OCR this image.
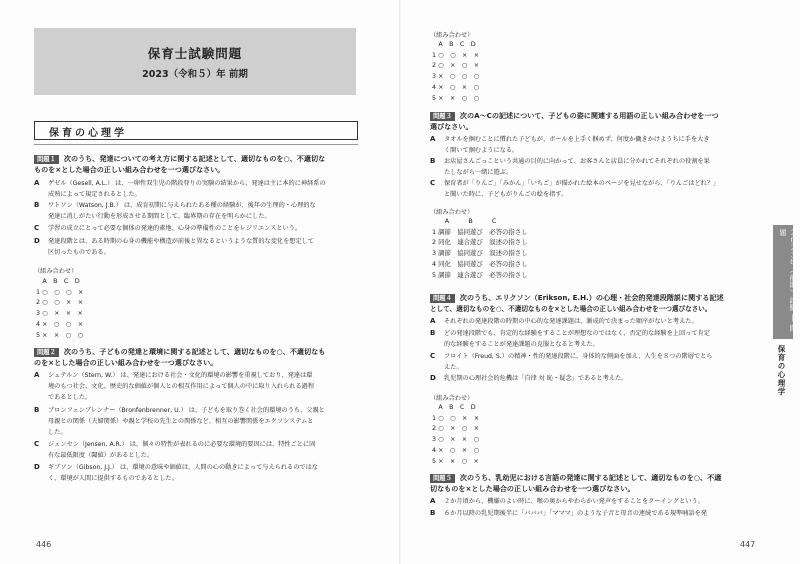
保育士試験問題
2023（令和５）年 前期
保育の心理学
問題１ 次のうち、発達についての考え方に関する記述として、適切なものを○、不適切な
ものを×とした場合の正しい組み合わせを一つ選びなさい。
A ゲゼル（Gesell, A.L.） は、一卵性双生児の階段登りの実験の結果から、発達は主に本的に神経系の
成熟によって規定されるとした。
B ワトソン（Watson, J.B.） は、成育初期に与えられたある種の経験が、後年の生理的・心理的な
発達に消しがたい行動を形成させる期間として、臨界期の存在を明らかにした。
C 学習の成立にとって必要な個体の発達的素地、心身の準備性のことをレジリエンスという。
D 発達段階とは、ある時期の心身の機能や構造が前後と異なるというような質的な変化を想定して
区切ったものである。
（組み合わせ）
　A　B　C　D
1 ○　○　○　×
2 ○　○　×　×
3 ○　×　×　×
4 ×　○　○　×
5 ×　×　○　○
問題２ 次のうち、子どもの発達と環境に関する記述として、適切なものを○、不適切なも
のを×とした場合の正しい組み合わせを一つ選びなさい。
A シュテルン（Stern, W.） は、発達における社会・文化的環境の影響を重視しており、発達は環
境のもつ社会、文化、歴史的な価値が個人との相互作用によって個人の中に取り入れられる過程
であるとした。
B ブロンフェンブレンナー（Bronfenbrenner, U.） は、子どもを取り巻く社会的環境のうち、父親と
母親との関係（夫婦関係）や親と学校の先生との関係など、相互の影響関係をエクソシステムと
した。
C ジェンセン（Jensen, A.R.） は、個々の特性が表れるのに必要な環境的要因には、特性ごとに固
有な最低限度（閾値）があるとした。
D ギブソン（Gibson, J.J.） は、環境の意味や価値は、人間の心の動きによって与えられるのではな
く、環境が人間に提供するものであるとした。
446
（組み合わせ）
　A　B　C　D
1 ○　○　×　×
2 ○　×　○　×
3 ×　○　○　○
4 ×　○　×　○
5 ×　×　○　○
問題３ 次のA～Cの記述について、子どもの姿に関連する用語の正しい組み合わせを一つ
選びなさい。
A タオルを掴むことに慣れた子どもが、ボールを上手く掴めず、何度か働きかけようちに手を大き
く開いて掴むようになる。
B お店屋さんごっこという共通の目的に向かって、お客さんと店員に分かれてそれぞれの役割を果
たしながら一緒に遊ぶ。
C 保育者が「りんご」「みかん」「いちご」が描かれた絵本のページを見せながら、「りんごはどれ？」
と聞いた時に、子どもがりんごの絵を指す。
（組み合わせ）
　　A　　　B　　　C
1 調節　協同遊び　必答の指さし
2 同化　連合遊び　叙述の指さし
3 調節　協同遊び　叙述の指さし
4 同化　協同遊び　必答の指さし
5 調節　連合遊び　必答の指さし
問題４ 次のうち、エリクソン（Erikson, E.H.）の心理・社会的発達段階説に関する記述
として、適切なものを○、不適切なものを×とした場合の正しい組み合わせを一つ選びなさい。
A それぞれの発達段階の時期の中心的な発達課題は、漸成的で決まった順序がないと考えた。
B どの発達段階でも、肯定的な経験をすることが理想なのではなく、否定的な経験を上回って肯定
的な経験をすることが発達課題の克服となると考えた。
C フロイト（Freud, S.）の精神・性的発達段階に、身体的な側面を加え、人生を８つの階層でとら
えた。
D 乳児期の心理社会的危機は「自律 対 恥・疑念」であると考えた。
（組み合わせ）
　A　B　C　D
1 ○　○　×　×
2 ○　×　○　×
3 ○　×　×　○
4 ×　○　×　○
5 ×　×　○　×
問題５ 次のうち、乳幼児における言語の発達に関する記述として、適切なものを○、不適
切なものを×とした場合の正しい組み合わせを一つ選びなさい。
A ２か月頃から、機嫌のよい時に、喉の奥からやわらかい発声をすることをクーイングという。
B ６か月以降の乳児期後半に「バババ」「マママ」のような子音と母音の連続である規準喃語を発
447
２０２３年（前期）試験 ― 問題
保育の心理学
